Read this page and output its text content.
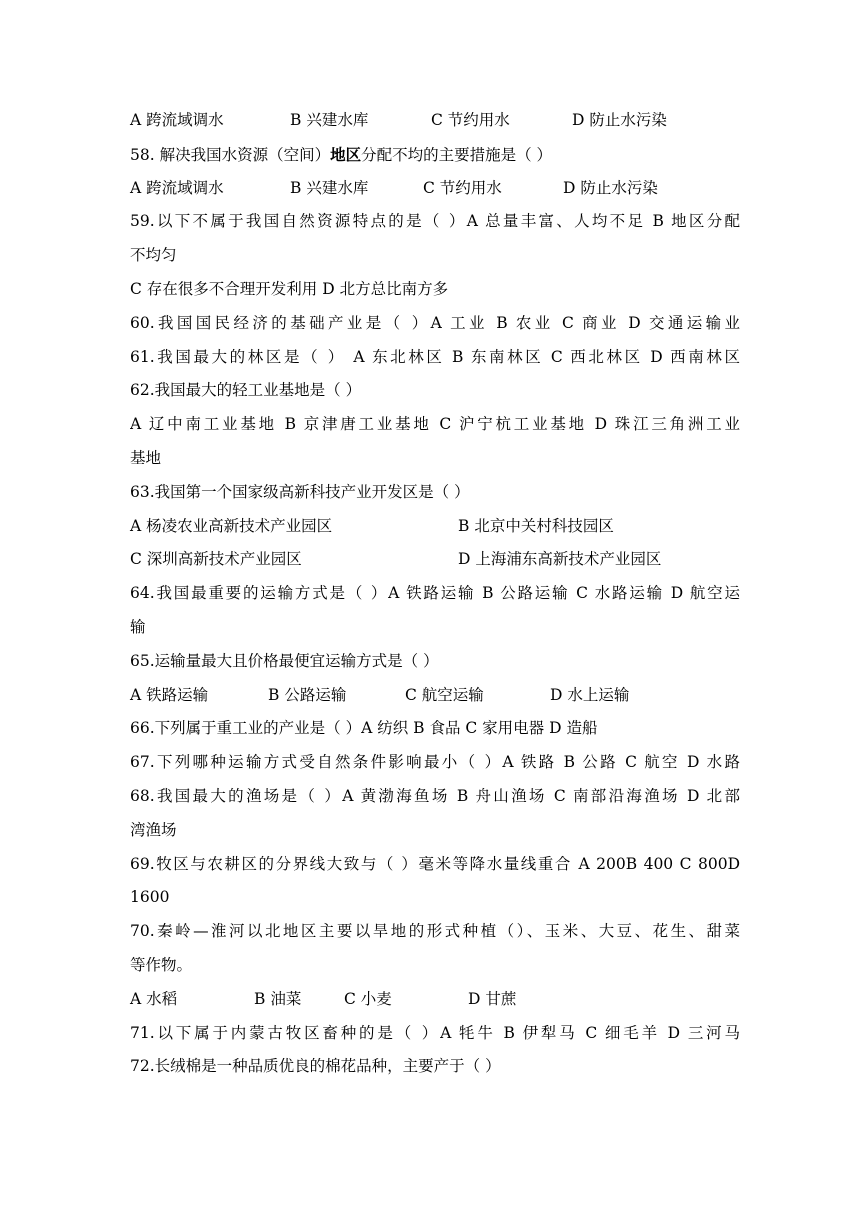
A 跨流域调水	B 兴建水库	C 节约用水	D 防止水污染
58. 解决我国水资源（空间）地区分配不均的主要措施是（ ）
A 跨流域调水	B 兴建水库	C 节约用水	D 防止水污染
59.以下不属于我国自然资源特点的是（ ）A 总量丰富、人均不足 B 地区分配
不均匀
C 存在很多不合理开发利用 D 北方总比南方多
60.我国国民经济的基础产业是（ ）A 工业 B 农业 C 商业 D 交通运输业
61.我国最大的林区是（ ） A 东北林区 B 东南林区 C 西北林区 D 西南林区
62.我国最大的轻工业基地是（ ）
A 辽中南工业基地 B 京津唐工业基地 C 沪宁杭工业基地 D 珠江三角洲工业
基地
63.我国第一个国家级高新科技产业开发区是（ ）
A 杨凌农业高新技术产业园区	B 北京中关村科技园区
C 深圳高新技术产业园区	D 上海浦东高新技术产业园区
64.我国最重要的运输方式是（ ）A 铁路运输 B 公路运输 C 水路运输 D 航空运
输
65.运输量最大且价格最便宜运输方式是（ ）
A 铁路运输	B 公路运输	C 航空运输	D 水上运输
66.下列属于重工业的产业是（ ）A 纺织 B 食品 C 家用电器 D 造船
67.下列哪种运输方式受自然条件影响最小（ ）A 铁路 B 公路 C 航空 D 水路
68.我国最大的渔场是（ ）A 黄渤海鱼场 B 舟山渔场 C 南部沿海渔场 D 北部
湾渔场
69.牧区与农耕区的分界线大致与（ ）毫米等降水量线重合 A 200B 400 C 800D
1600
70.秦岭—淮河以北地区主要以旱地的形式种植（）、玉米、大豆、花生、甜菜
等作物。
A 水稻	B 油菜	C 小麦	D 甘蔗
71.以下属于内蒙古牧区畜种的是（ ）A 牦牛 B 伊犁马 C 细毛羊 D 三河马
72.长绒棉是一种品质优良的棉花品种，主要产于（ ）
